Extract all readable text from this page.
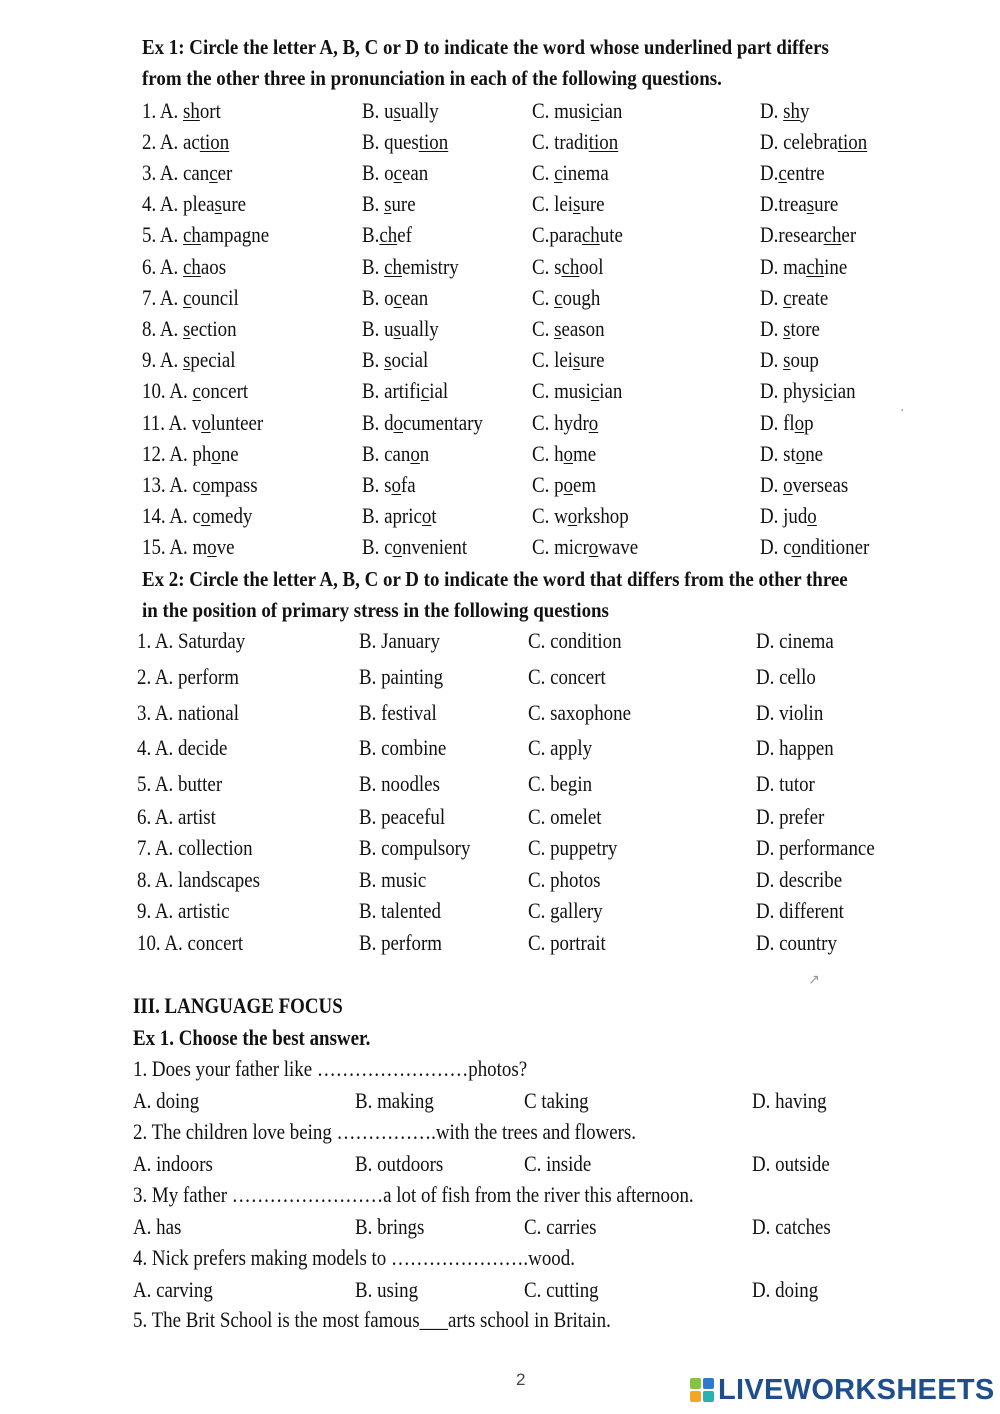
Ex 1: Circle the letter A, B, C or D to indicate the word whose underlined part differs
from the other three in pronunciation in each of the following questions.
1. A. short	B. usually	C. musician	D. shy
2. A. action	B. question	C. tradition	D. celebration
3. A. cancer	B. ocean	C. cinema	D.centre
4. A. pleasure	B. sure	C. leisure	D.treasure
5. A. champagne	B.chef	C.parachute	D.researcher
6. A. chaos	B. chemistry	C. school	D. machine
7. A. council	B. ocean	C. cough	D. create
8. A. section	B. usually	C. season	D. store
9. A. special	B. social	C. leisure	D. soup
10. A. concert	B. artificial	C. musician	D. physician
11. A. volunteer	B. documentary C. hydro	D. flop
12. A. phone	B. canon	C. home	D. stone
13. A. compass	B. sofa	C. poem	D. overseas
14. A. comedy	B. apricot	C. workshop	D. judo
15. A. move	B. convenient	C. microwave	D. conditioner
Ex 2: Circle the letter A, B, C or D to indicate the word that differs from the other three
in the position of primary stress in the following questions
1. A. Saturday	B. January	C. condition	D. cinema
2. A. perform	B. painting	C. concert	D. cello
3. A. national	B. festival	C. saxophone	D. violin
4. A. decide	B. combine	C. apply	D. happen
5. A. butter	B. noodles	C. begin	D. tutor
6. A. artist	B. peaceful	C. omelet	D. prefer
7. A. collection	B. compulsory	C. puppetry	D. performance
8. A. landscapes	B. music	C. photos	D. describe
9. A. artistic	B. talented	C. gallery	D. different
10. A. concert	B. perform	C. portrait	D. country
III. LANGUAGE FOCUS
Ex 1. Choose the best answer.
1. Does your father like ……………………photos?
A. doing	B. making	C taking	D. having
2. The children love being …………….with the trees and flowers.
A. indoors	B. outdoors	C. inside	D. outside
3. My father ……………………a lot of fish from the river this afternoon.
A. has	B. brings	C. carries	D. catches
4. Nick prefers making models to ………………….wood.
A. carving	B. using	C. cutting	D. doing
5. The Brit School is the most famous___arts school in Britain.
·
↗
2	LIVEWORKSHEETS
